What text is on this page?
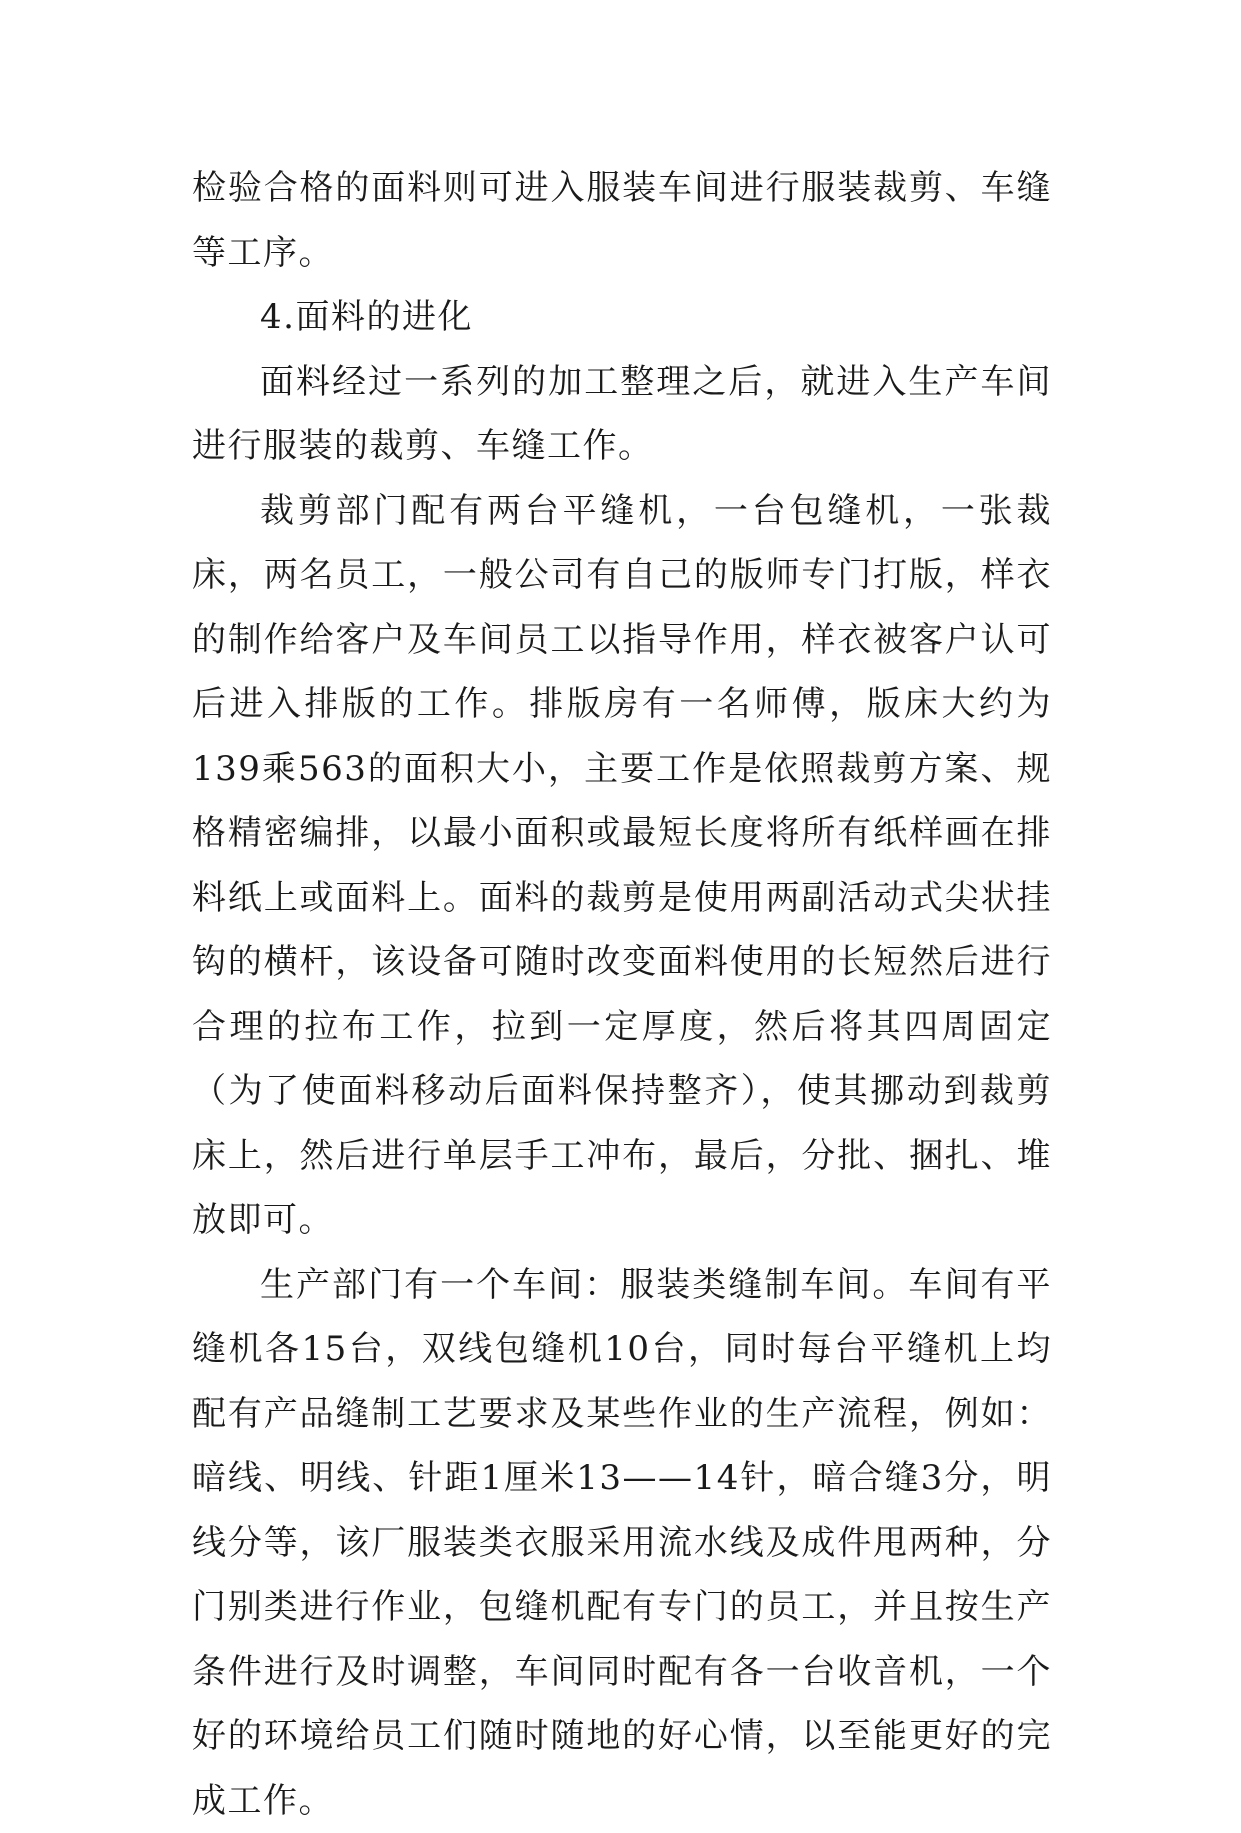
检验合格的面料则可进入服装车间进行服装裁剪、车缝等工序。

4.面料的进化

面料经过一系列的加工整理之后，就进入生产车间进行服装的裁剪、车缝工作。

裁剪部门配有两台平缝机，一台包缝机，一张裁床，两名员工，一般公司有自己的版师专门打版，样衣的制作给客户及车间员工以指导作用，样衣被客户认可后进入排版的工作。排版房有一名师傅，版床大约为139乘563的面积大小，主要工作是依照裁剪方案、规格精密编排，以最小面积或最短长度将所有纸样画在排料纸上或面料上。面料的裁剪是使用两副活动式尖状挂钩的横杆，该设备可随时改变面料使用的长短然后进行合理的拉布工作，拉到一定厚度，然后将其四周固定（为了使面料移动后面料保持整齐），使其挪动到裁剪床上，然后进行单层手工冲布，最后，分批、捆扎、堆放即可。

生产部门有一个车间：服装类缝制车间。车间有平缝机各15台，双线包缝机10台，同时每台平缝机上均配有产品缝制工艺要求及某些作业的生产流程，例如：暗线、明线、针距1厘米13——14针，暗合缝3分，明线分等，该厂服装类衣服采用流水线及成件甩两种，分门别类进行作业，包缝机配有专门的员工，并且按生产条件进行及时调整，车间同时配有各一台收音机，一个好的环境给员工们随时随地的好心情，以至能更好的完成工作。
